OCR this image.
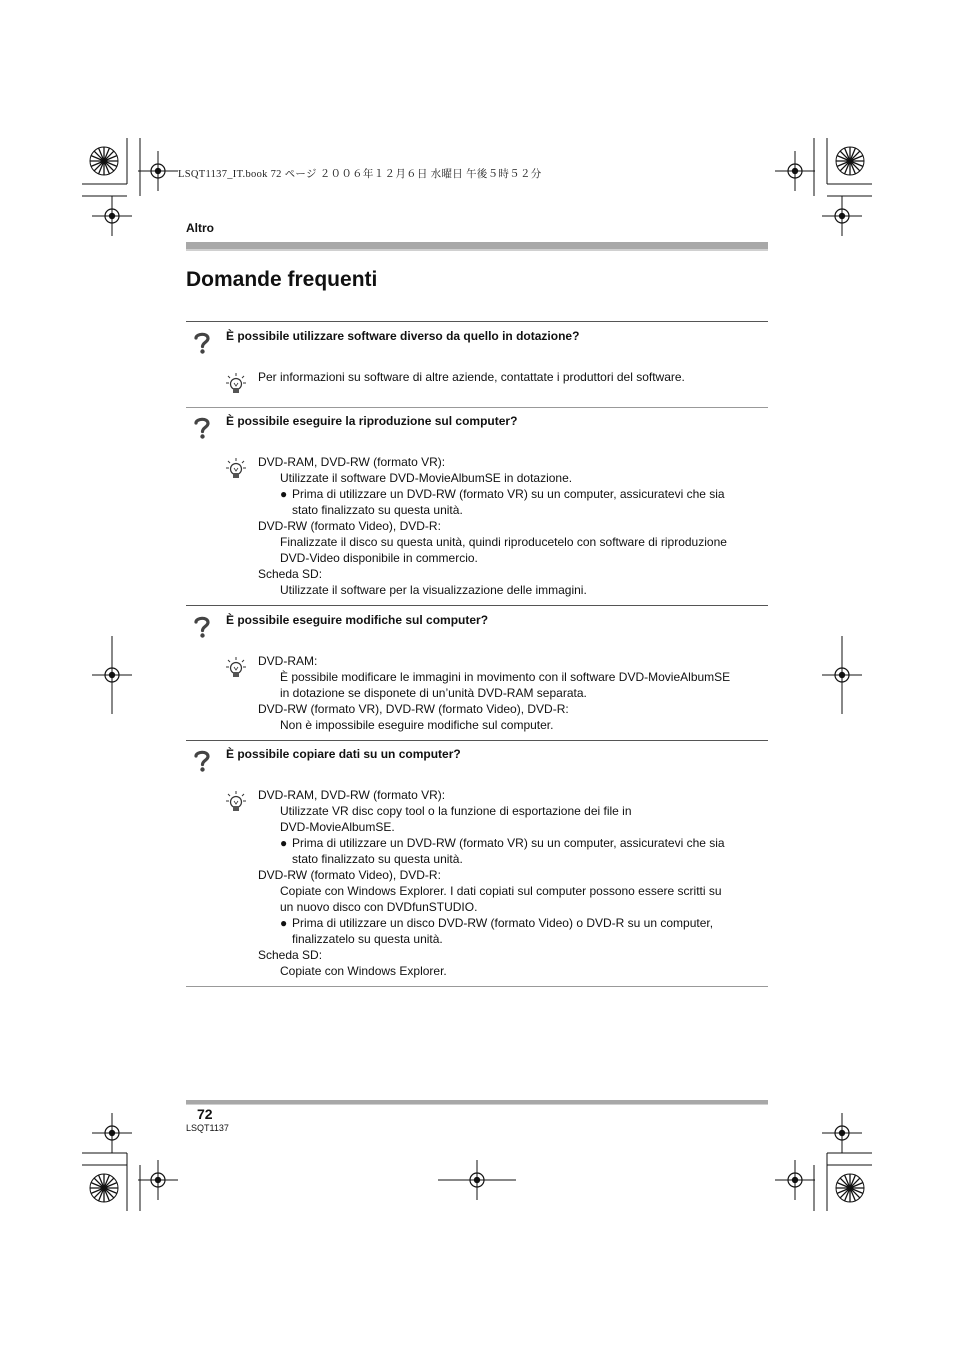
LSQT1137_IT.book 72 ページ ２００６年１２月６日 水曜日 午後５時５２分
Altro
Domande frequenti
È possibile utilizzare software diverso da quello in dotazione?
Per informazioni su software di altre aziende, contattate i produttori del software.
È possibile eseguire la riproduzione sul computer?
DVD-RAM, DVD-RW (formato VR):
Utilizzate il software DVD-MovieAlbumSE in dotazione.
● Prima di utilizzare un DVD-RW (formato VR) su un computer, assicuratevi che sia
stato finalizzato su questa unità.
DVD-RW (formato Video), DVD-R:
Finalizzate il disco su questa unità, quindi riproducetelo con software di riproduzione
DVD-Video disponibile in commercio.
Scheda SD:
Utilizzate il software per la visualizzazione delle immagini.
È possibile eseguire modifiche sul computer?
DVD-RAM:
È possibile modificare le immagini in movimento con il software DVD-MovieAlbumSE
in dotazione se disponete di un’unità DVD-RAM separata.
DVD-RW (formato VR), DVD-RW (formato Video), DVD-R:
Non è impossibile eseguire modifiche sul computer.
È possibile copiare dati su un computer?
DVD-RAM, DVD-RW (formato VR):
Utilizzate VR disc copy tool o la funzione di esportazione dei file in
DVD-MovieAlbumSE.
● Prima di utilizzare un DVD-RW (formato VR) su un computer, assicuratevi che sia
stato finalizzato su questa unità.
DVD-RW (formato Video), DVD-R:
Copiate con Windows Explorer. I dati copiati sul computer possono essere scritti su
un nuovo disco con DVDfunSTUDIO.
● Prima di utilizzare un disco DVD-RW (formato Video) o DVD-R su un computer,
finalizzatelo su questa unità.
Scheda SD:
Copiate con Windows Explorer.
72
LSQT1137
